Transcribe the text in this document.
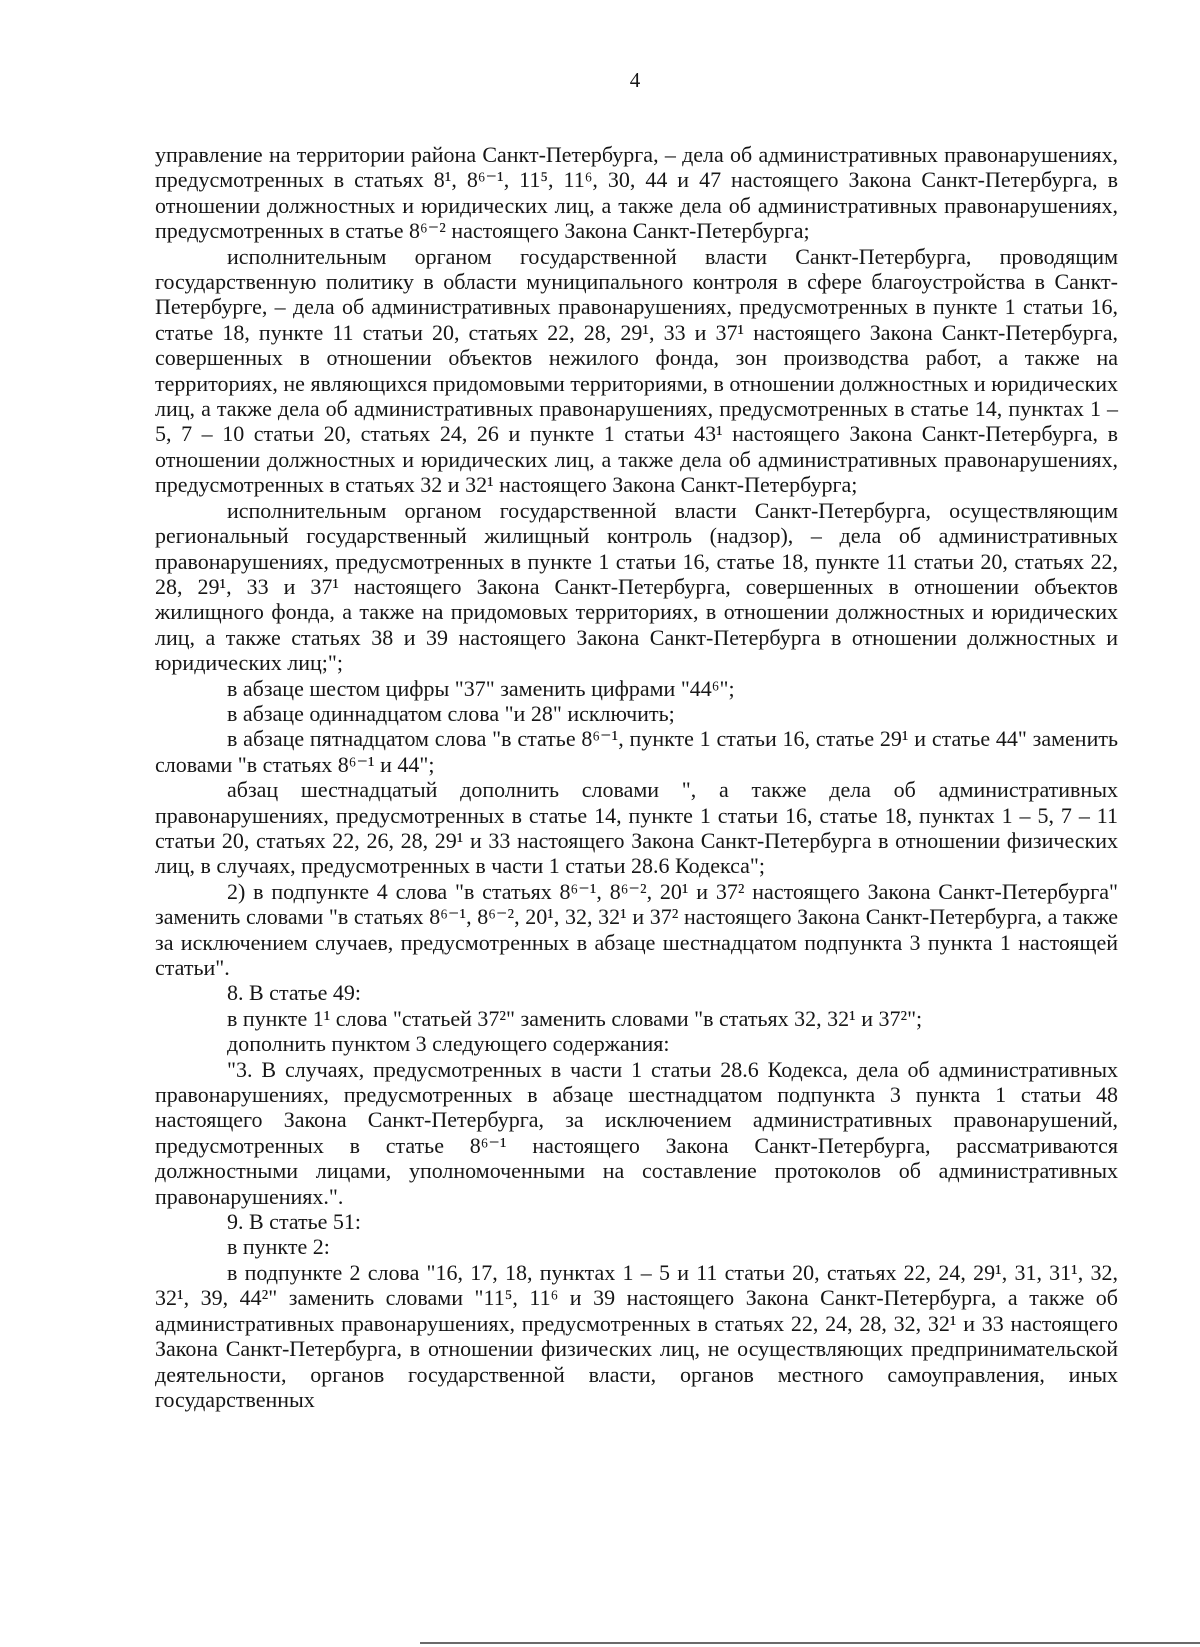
4

управление на территории района Санкт-Петербурга, – дела об административных правонарушениях, предусмотренных в статьях 8¹, 8⁶⁻¹, 11⁵, 11⁶, 30, 44 и 47 настоящего Закона Санкт-Петербурга, в отношении должностных и юридических лиц, а также дела об административных правонарушениях, предусмотренных в статье 8⁶⁻² настоящего Закона Санкт-Петербурга;

исполнительным органом государственной власти Санкт-Петербурга, проводящим государственную политику в области муниципального контроля в сфере благоустройства в Санкт-Петербурге, – дела об административных правонарушениях, предусмотренных в пункте 1 статьи 16, статье 18, пункте 11 статьи 20, статьях 22, 28, 29¹, 33 и 37¹ настоящего Закона Санкт-Петербурга, совершенных в отношении объектов нежилого фонда, зон производства работ, а также на территориях, не являющихся придомовыми территориями, в отношении должностных и юридических лиц, а также дела об административных правонарушениях, предусмотренных в статье 14, пунктах 1 – 5, 7 – 10 статьи 20, статьях 24, 26 и пункте 1 статьи 43¹ настоящего Закона Санкт-Петербурга, в отношении должностных и юридических лиц, а также дела об административных правонарушениях, предусмотренных в статьях 32 и 32¹ настоящего Закона Санкт-Петербурга;

исполнительным органом государственной власти Санкт-Петербурга, осуществляющим региональный государственный жилищный контроль (надзор), – дела об административных правонарушениях, предусмотренных в пункте 1 статьи 16, статье 18, пункте 11 статьи 20, статьях 22, 28, 29¹, 33 и 37¹ настоящего Закона Санкт-Петербурга, совершенных в отношении объектов жилищного фонда, а также на придомовых территориях, в отношении должностных и юридических лиц, а также статьях 38 и 39 настоящего Закона Санкт-Петербурга в отношении должностных и юридических лиц;";

в абзаце шестом цифры "37" заменить цифрами "44⁶";

в абзаце одиннадцатом слова "и 28" исключить;

в абзаце пятнадцатом слова "в статье 8⁶⁻¹, пункте 1 статьи 16, статье 29¹ и статье 44" заменить словами "в статьях 8⁶⁻¹ и 44";

абзац шестнадцатый дополнить словами ", а также дела об административных правонарушениях, предусмотренных в статье 14, пункте 1 статьи 16, статье 18, пунктах 1 – 5, 7 – 11 статьи 20, статьях 22, 26, 28, 29¹ и 33 настоящего Закона Санкт-Петербурга в отношении физических лиц, в случаях, предусмотренных в части 1 статьи 28.6 Кодекса";

2) в подпункте 4 слова "в статьях 8⁶⁻¹, 8⁶⁻², 20¹ и 37² настоящего Закона Санкт-Петербурга" заменить словами "в статьях 8⁶⁻¹, 8⁶⁻², 20¹, 32, 32¹ и 37² настоящего Закона Санкт-Петербурга, а также за исключением случаев, предусмотренных в абзаце шестнадцатом подпункта 3 пункта 1 настоящей статьи".

8. В статье 49:

в пункте 1¹ слова "статьей 37²" заменить словами "в статьях 32, 32¹ и 37²";

дополнить пунктом 3 следующего содержания:

"3. В случаях, предусмотренных в части 1 статьи 28.6 Кодекса, дела об административных правонарушениях, предусмотренных в абзаце шестнадцатом подпункта 3 пункта 1 статьи 48 настоящего Закона Санкт-Петербурга, за исключением административных правонарушений, предусмотренных в статье 8⁶⁻¹ настоящего Закона Санкт-Петербурга, рассматриваются должностными лицами, уполномоченными на составление протоколов об административных правонарушениях.".

9. В статье 51:

в пункте 2:

в подпункте 2 слова "16, 17, 18, пунктах 1 – 5 и 11 статьи 20, статьях 22, 24, 29¹, 31, 31¹, 32, 32¹, 39, 44²" заменить словами "11⁵, 11⁶ и 39 настоящего Закона Санкт-Петербурга, а также об административных правонарушениях, предусмотренных в статьях 22, 24, 28, 32, 32¹ и 33 настоящего Закона Санкт-Петербурга, в отношении физических лиц, не осуществляющих предпринимательской деятельности, органов государственной власти, органов местного самоуправления, иных государственных
